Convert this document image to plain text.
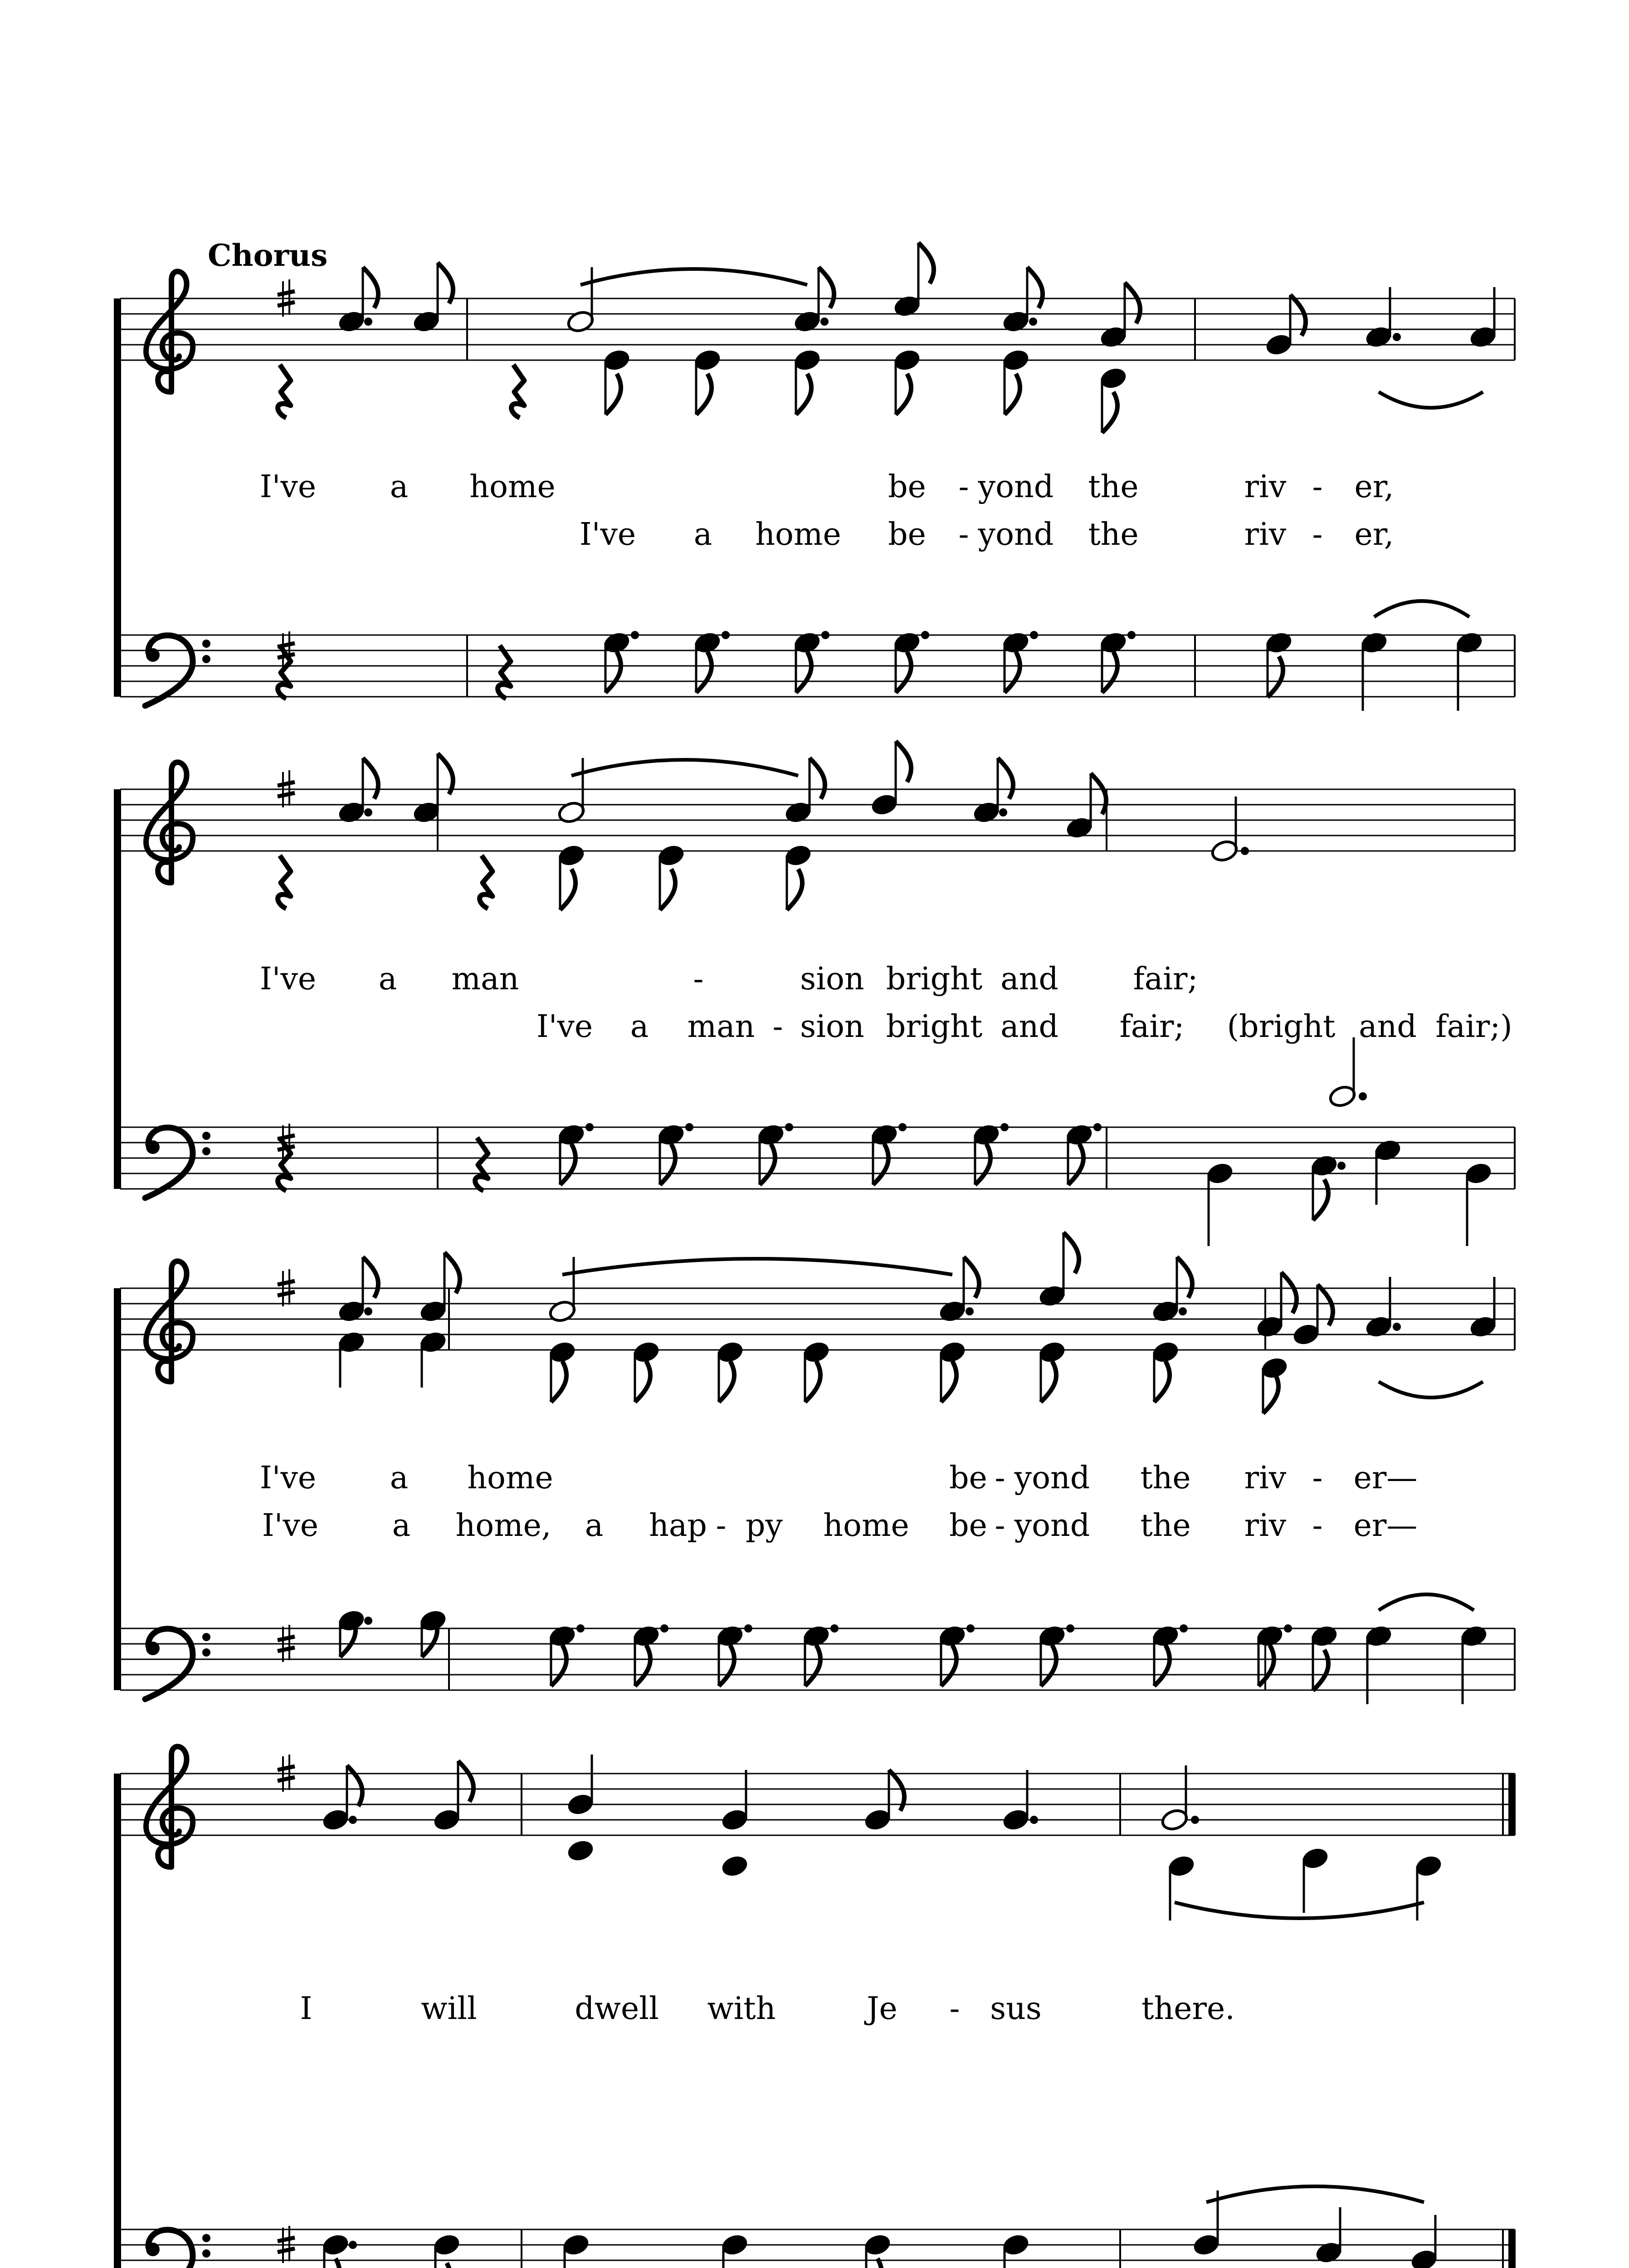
Chorus
I've a home	be - yond the	riv - er,
I've a home be - yond the	riv - er,
I've a man	-	sion bright and fair;
I've a man - sion bright and fair; (bright and fair;)
I've a home	be - yond the riv - er—
I've a home, a hap - py home be - yond the riv - er—
I	will	dwell with	Je - sus	there.
